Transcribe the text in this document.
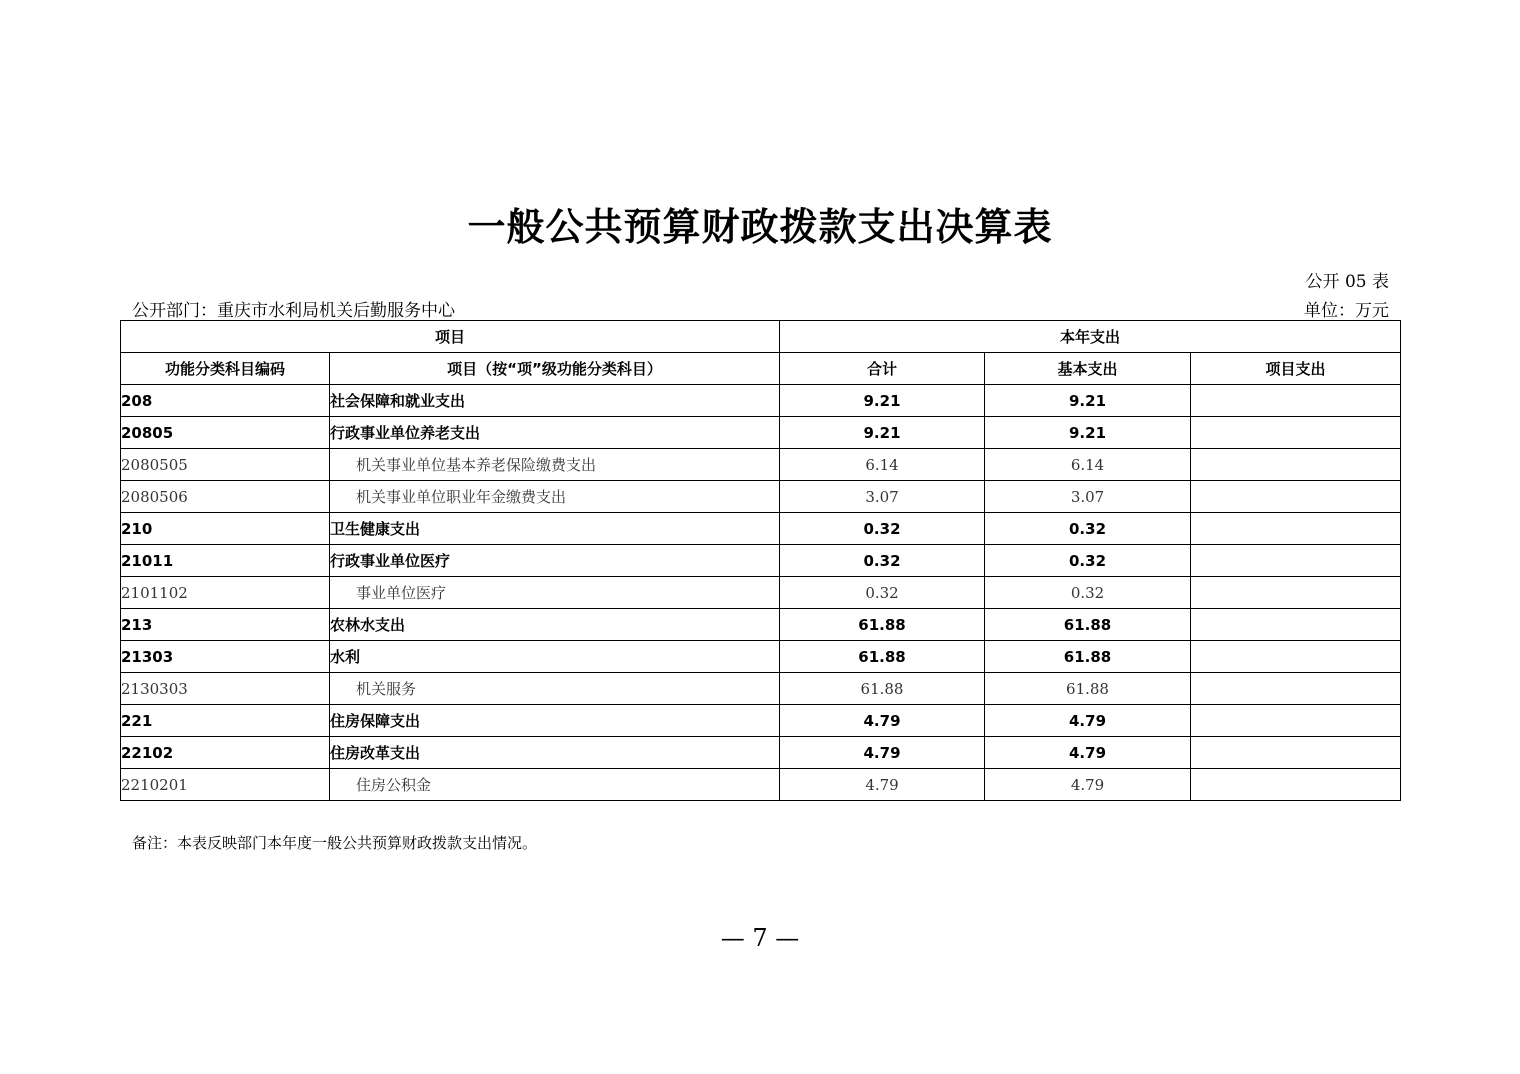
一般公共预算财政拨款支出决算表
公开 05 表
公开部门：重庆市水利局机关后勤服务中心	单位：万元
项目		本年支出		
功能分类科目编码	项目（按“项”级功能分类科目）	合计	基本支出	项目支出
208	社会保障和就业支出	9.21	9.21	
20805	行政事业单位养老支出	9.21	9.21	
2080505	机关事业单位基本养老保险缴费支出	6.14	6.14	
2080506	机关事业单位职业年金缴费支出	3.07	3.07	
210	卫生健康支出	0.32	0.32	
21011	行政事业单位医疗	0.32	0.32	
2101102	事业单位医疗	0.32	0.32	
213	农林水支出	61.88	61.88	
21303	水利	61.88	61.88	
2130303	机关服务	61.88	61.88	
221	住房保障支出	4.79	4.79	
22102	住房改革支出	4.79	4.79	
2210201	住房公积金	4.79	4.79	
备注：本表反映部门本年度一般公共预算财政拨款支出情况。
— 7 —
